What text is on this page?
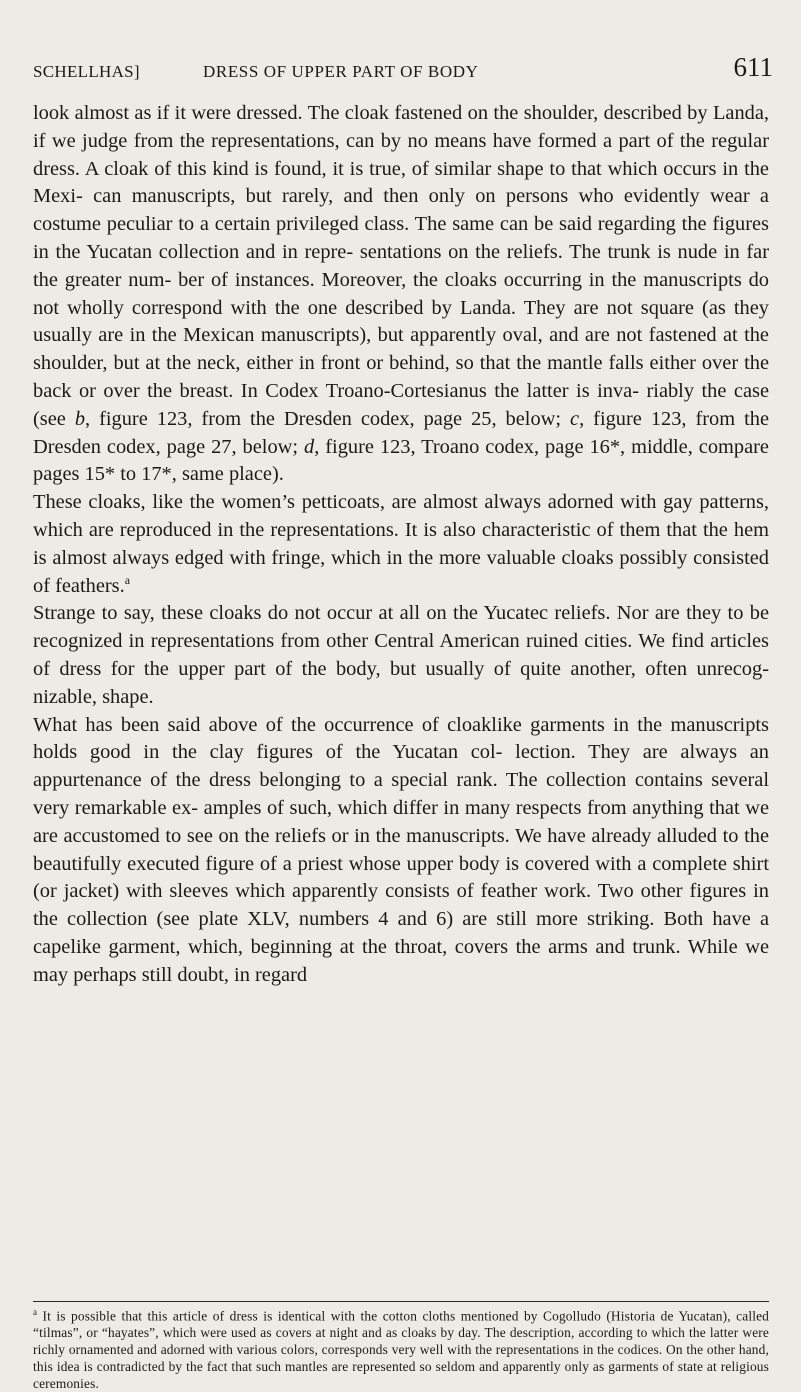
SCHELLHAS]	DRESS OF UPPER PART OF BODY	611

look almost as if it were dressed. The cloak fastened on the shoulder, described by Landa, if we judge from the representations, can by no means have formed a part of the regular dress. A cloak of this kind is found, it is true, of similar shape to that which occurs in the Mexi- can manuscripts, but rarely, and then only on persons who evidently wear a costume peculiar to a certain privileged class. The same can be said regarding the figures in the Yucatan collection and in repre- sentations on the reliefs. The trunk is nude in far the greater num- ber of instances. Moreover, the cloaks occurring in the manuscripts do not wholly correspond with the one described by Landa. They are not square (as they usually are in the Mexican manuscripts), but apparently oval, and are not fastened at the shoulder, but at the neck, either in front or behind, so that the mantle falls either over the back or over the breast. In Codex Troano-Cortesianus the latter is inva- riably the case (see b, figure 123, from the Dresden codex, page 25, below; c, figure 123, from the Dresden codex, page 27, below; d, figure 123, Troano codex, page 16*, middle, compare pages 15* to 17*, same place).

These cloaks, like the women’s petticoats, are almost always adorned with gay patterns, which are reproduced in the representations. It is also characteristic of them that the hem is almost always edged with fringe, which in the more valuable cloaks possibly consisted of feathers.$^a$

Strange to say, these cloaks do not occur at all on the Yucatec reliefs. Nor are they to be recognized in representations from other Central American ruined cities. We find articles of dress for the upper part of the body, but usually of quite another, often unrecog- nizable, shape.

What has been said above of the occurrence of cloaklike garments in the manuscripts holds good in the clay figures of the Yucatan col- lection. They are always an appurtenance of the dress belonging to a special rank. The collection contains several very remarkable ex- amples of such, which differ in many respects from anything that we are accustomed to see on the reliefs or in the manuscripts. We have already alluded to the beautifully executed figure of a priest whose upper body is covered with a complete shirt (or jacket) with sleeves which apparently consists of feather work. Two other figures in the collection (see plate XLV, numbers 4 and 6) are still more striking. Both have a capelike garment, which, beginning at the throat, covers the arms and trunk. While we may perhaps still doubt, in regard

$^a$ It is possible that this article of dress is identical with the cotton cloths mentioned by Cogolludo (Historia de Yucatan), called “tilmas”, or “hayates”, which were used as covers at night and as cloaks by day. The description, according to which the latter were richly ornamented and adorned with various colors, corresponds very well with the representations in the codices. On the other hand, this idea is contradicted by the fact that such mantles are represented so seldom and apparently only as garments of state at religious ceremonies.
